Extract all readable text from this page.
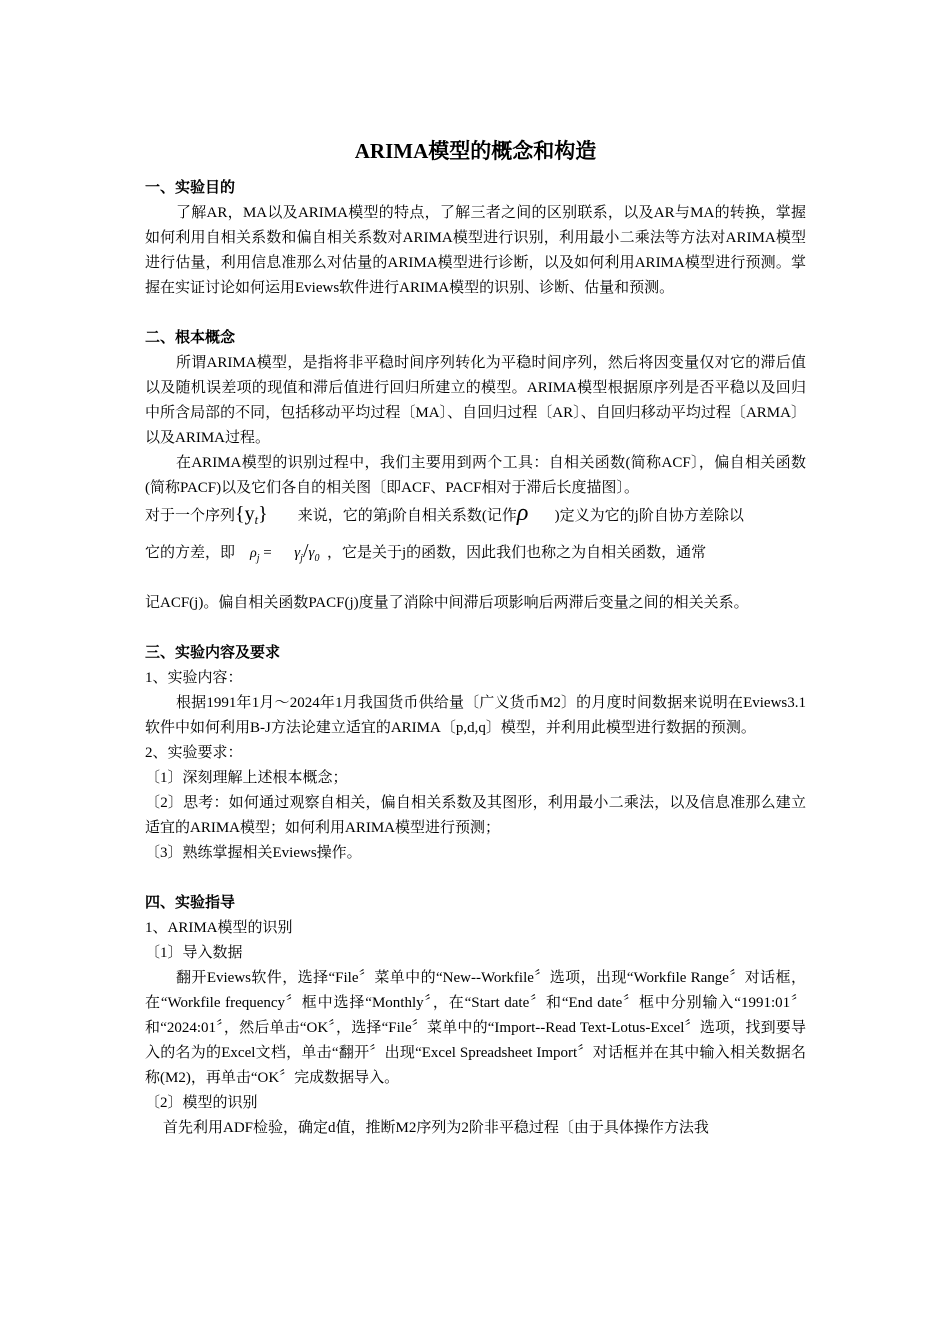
ARIMA模型的概念和构造

一、实验目的

了解AR，MA以及ARIMA模型的特点，了解三者之间的区别联系，以及AR与MA的转换，掌握如何利用自相关系数和偏自相关系数对ARIMA模型进行识别，利用最小二乘法等方法对ARIMA模型进行估量，利用信息准那么对估量的ARIMA模型进行诊断，以及如何利用ARIMA模型进行预测。掌握在实证讨论如何运用Eviews软件进行ARIMA模型的识别、诊断、估量和预测。

二、根本概念

所谓ARIMA模型，是指将非平稳时间序列转化为平稳时间序列，然后将因变量仅对它的滞后值以及随机误差项的现值和滞后值进行回归所建立的模型。ARIMA模型根据原序列是否平稳以及回归中所含局部的不同，包括移动平均过程〔MA〕、自回归过程〔AR〕、自回归移动平均过程〔ARMA〕以及ARIMA过程。

在ARIMA模型的识别过程中，我们主要用到两个工具：自相关函数(简称ACF〕，偏自相关函数(简称PACF)以及它们各自的相关图〔即ACF、PACF相对于滞后长度描图〕。

对于一个序列$\{y_t\}$ 来说，它的第j阶自相关系数(记作ρ )定义为它的j阶自协方差除以

它的方差，即 $\rho_j = \gamma_j/\gamma_0$ ，它是关于j的函数，因此我们也称之为自相关函数，通常

记ACF(j)。偏自相关函数PACF(j)度量了消除中间滞后项影响后两滞后变量之间的相关关系。

三、实验内容及要求

1、实验内容：

根据1991年1月～2024年1月我国货币供给量〔广义货币M2〕的月度时间数据来说明在Eviews3.1软件中如何利用B-J方法论建立适宜的ARIMA〔p,d,q〕模型，并利用此模型进行数据的预测。

2、实验要求：

〔1〕深刻理解上述根本概念；

〔2〕思考：如何通过观察自相关，偏自相关系数及其图形，利用最小二乘法，以及信息准那么建立适宜的ARIMA模型；如何利用ARIMA模型进行预测；

〔3〕熟练掌握相关Eviews操作。

四、实验指导

1、ARIMA模型的识别

〔1〕导入数据

翻开Eviews软件，选择“File〞菜单中的“New--Workfile〞选项，出现“Workfile Range〞对话框，在“Workfile frequency〞框中选择“Monthly〞，在“Start date〞和“End date〞框中分别输入“1991:01〞和“2024:01〞，然后单击“OK〞，选择“File〞菜单中的“Import--Read Text-Lotus-Excel〞选项，找到要导入的名为的Excel文档，单击“翻开〞出现“Excel Spreadsheet Import〞对话框并在其中输入相关数据名称(M2)，再单击“OK〞完成数据导入。

〔2〕模型的识别

首先利用ADF检验，确定d值，推断M2序列为2阶非平稳过程〔由于具体操作方法我
